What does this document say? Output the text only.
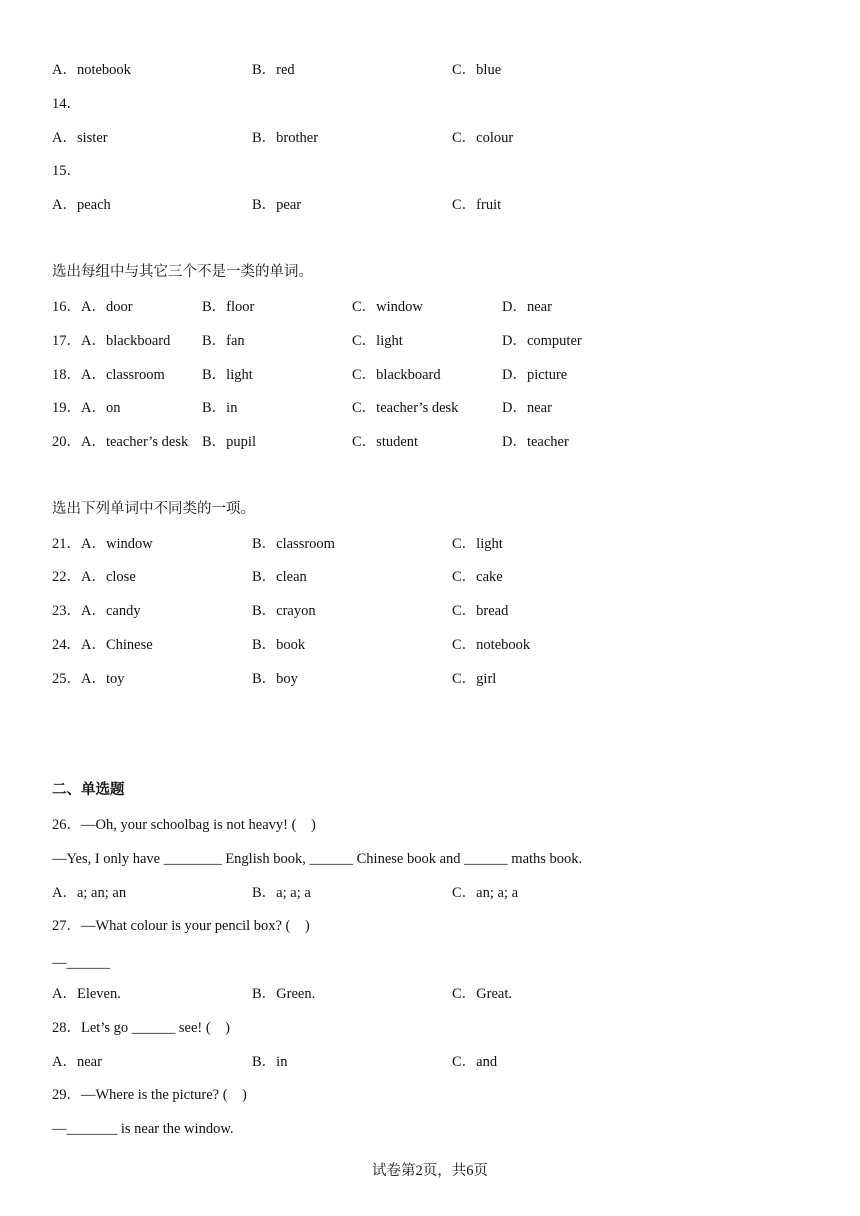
A．notebook	B．red	C．blue
14．
A．sister	B．brother	C．colour
15．
A．peach	B．pear	C．fruit
选出每组中与其它三个不是一类的单词。
16．A．door	B．floor	C．window	D．near
17．A．blackboard B．fan	C．light	D．computer
18．A．classroom	B．light	C．blackboard	D．picture
19．A．on	B．in	C．teacher’s desk	D．near
20．A．teacher’s desk B．pupil	C．student	D．teacher
选出下列单词中不同类的一项。
21．A．window	B．classroom	C．light
22．A．close	B．clean	C．cake
23．A．candy	B．crayon	C．bread
24．A．Chinese	B．book	C．notebook
25．A．toy	B．boy	C．girl
二、单选题
26．—Oh, your schoolbag is not heavy! (　)
—Yes, I only have ________ English book, ______ Chinese book and ______ maths book.
A．a; an; an	B．a; a; a	C．an; a; a
27．—What colour is your pencil box? (　)
—______
A．Eleven.	B．Green.	C．Great.
28．Let’s go ______ see! (　)
A．near	B．in	C．and
29．—Where is the picture? (　)
—_______ is near the window.
试卷第2页，共6页
